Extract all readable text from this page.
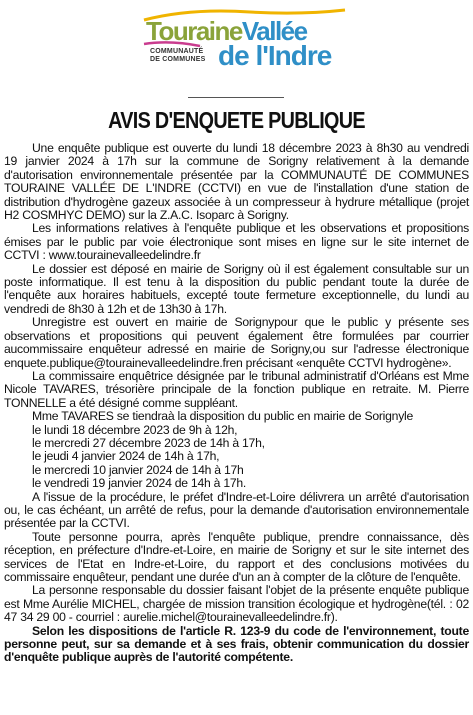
TouraineVallée
COMMUNAUTÉ DE COMMUNES de l'Indre
AVIS D'ENQUETE PUBLIQUE

Une enquête publique est ouverte du lundi 18 décembre 2023 à 8h30 au vendredi 19 janvier 2024 à 17h sur la commune de Sorigny relativement à la demande d'autorisation environnementale présentée par la COMMUNAUTÉ DE COMMUNES TOURAINE VALLÉE DE L'INDRE (CCTVI) en vue de l'installation d'une station de distribution d'hydrogène gazeux associée à un compresseur à hydrure métallique (projet H2 COSMHYC DEMO) sur la Z.A.C. Isoparc à Sorigny.

Les informations relatives à l'enquête publique et les observations et propositions émises par le public par voie électronique sont mises en ligne sur le site internet de CCTVI : www.tourainevalleedelindre.fr

Le dossier est déposé en mairie de Sorigny où il est également consultable sur un poste informatique. Il est tenu à la disposition du public pendant toute la durée de l'enquête aux horaires habituels, excepté toute fermeture exceptionnelle, du lundi au vendredi de 8h30 à 12h et de 13h30 à 17h.

Unregistre est ouvert en mairie de Sorignypour que le public y présente ses observations et propositions qui peuvent également être formulées par courrier aucommissaire enquêteur adressé en mairie de Sorigny,ou sur l'adresse électronique enquete.publique@tourainevalleedelindre.fren précisant «enquête CCTVI hydrogène».

La commissaire enquêtrice désignée par le tribunal administratif d'Orléans est Mme Nicole TAVARES, trésorière principale de la fonction publique en retraite. M. Pierre TONNELLE a été désigné comme suppléant.

Mme TAVARES se tiendraà la disposition du public en mairie de Sorignyle

le lundi 18 décembre 2023 de 9h à 12h,
le mercredi 27 décembre 2023 de 14h à 17h,
le jeudi 4 janvier 2024 de 14h à 17h,
le mercredi 10 janvier 2024 de 14h à 17h
le vendredi 19 janvier 2024 de 14h à 17h.

A l'issue de la procédure, le préfet d'Indre-et-Loire délivrera un arrêté d'autorisation ou, le cas échéant, un arrêté de refus, pour la demande d'autorisation environnementale présentée par la CCTVI.

Toute personne pourra, après l'enquête publique, prendre connaissance, dès réception, en préfecture d'Indre-et-Loire, en mairie de Sorigny et sur le site internet des services de l'Etat en Indre-et-Loire, du rapport et des conclusions motivées du commissaire enquêteur, pendant une durée d'un an à compter de la clôture de l'enquête.

La personne responsable du dossier faisant l'objet de la présente enquête publique est Mme Aurélie MICHEL, chargée de mission transition écologique et hydrogène(tél. : 02 47 34 29 00 - courriel : aurelie.michel@tourainevalleedelindre.fr).

Selon les dispositions de l'article R. 123-9 du code de l'environnement, toute personne peut, sur sa demande et à ses frais, obtenir communication du dossier d'enquête publique auprès de l'autorité compétente.
